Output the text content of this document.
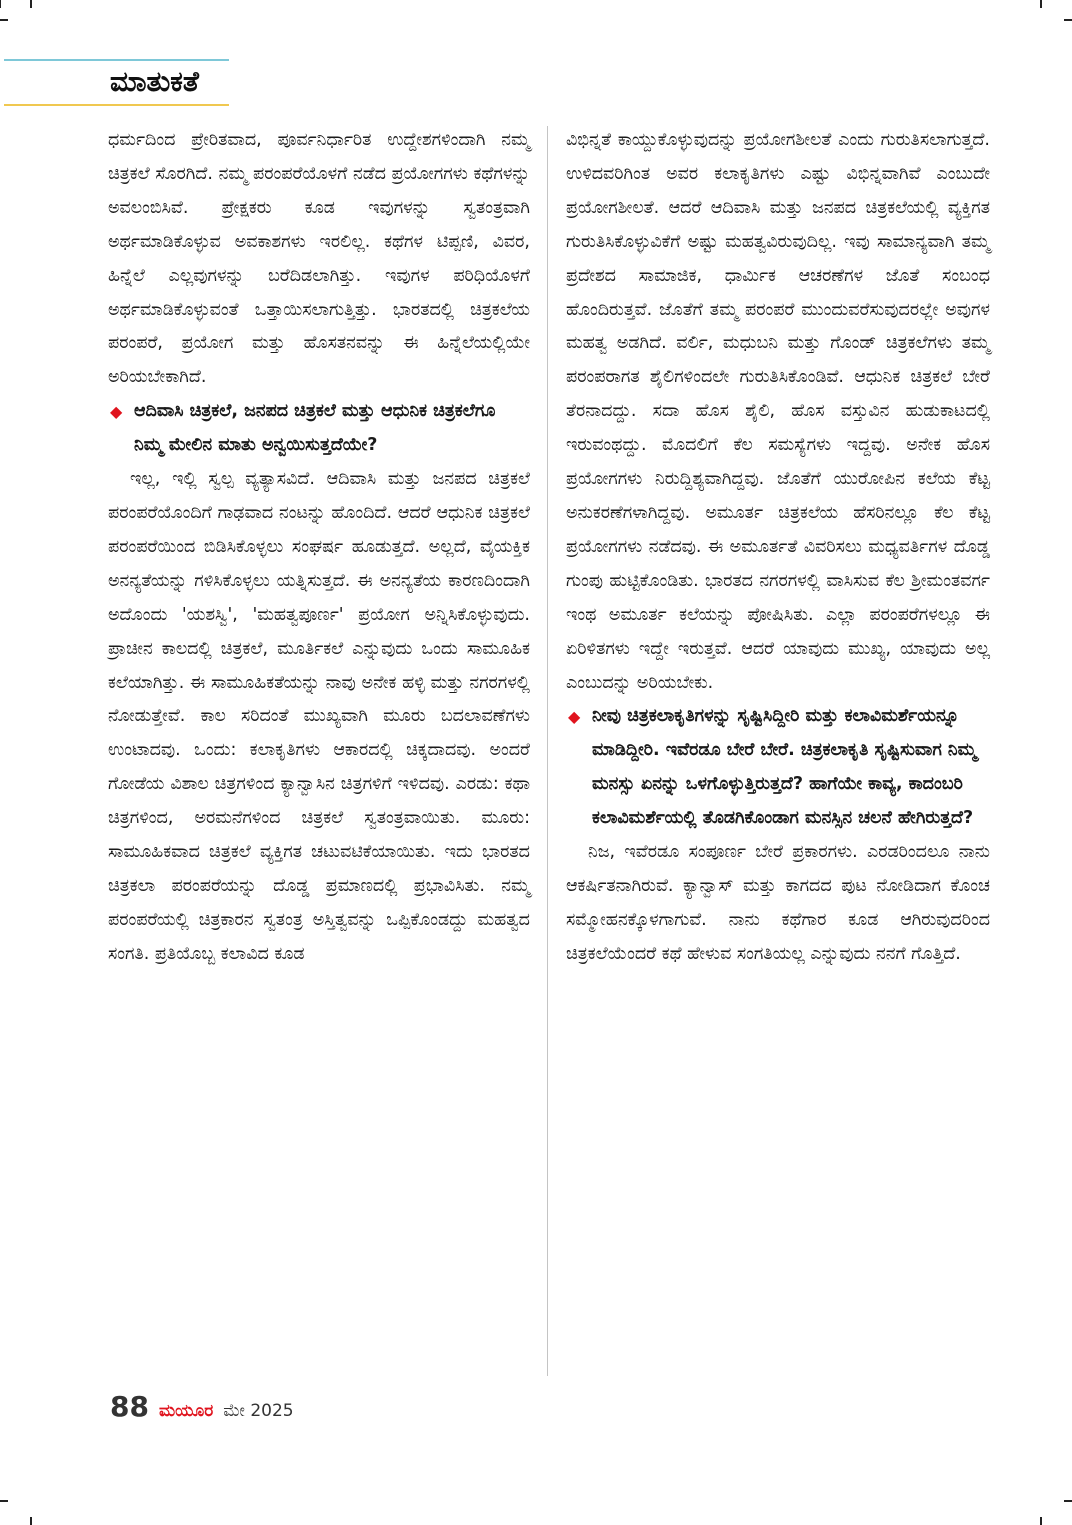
ಮಾತುಕತೆ

ಧರ್ಮದಿಂದ ಪ್ರೇರಿತವಾದ, ಪೂರ್ವನಿರ್ಧಾರಿತ ಉದ್ದೇಶಗಳಿಂದಾಗಿ ನಮ್ಮ ಚಿತ್ರಕಲೆ ಸೊರಗಿದೆ. ನಮ್ಮ ಪರಂಪರೆಯೊಳಗೆ ನಡೆದ ಪ್ರಯೋಗಗಳು ಕಥೆಗಳನ್ನು ಅವಲಂಬಿಸಿವೆ. ಪ್ರೇಕ್ಷಕರು ಕೂಡ ಇವುಗಳನ್ನು ಸ್ವತಂತ್ರವಾಗಿ ಅರ್ಥಮಾಡಿಕೊಳ್ಳುವ ಅವಕಾಶಗಳು ಇರಲಿಲ್ಲ. ಕಥೆಗಳ ಟಿಪ್ಪಣಿ, ವಿವರ, ಹಿನ್ನೆಲೆ ಎಲ್ಲವುಗಳನ್ನು ಬರೆದಿಡಲಾಗಿತ್ತು. ಇವುಗಳ ಪರಿಧಿಯೊಳಗೆ ಅರ್ಥಮಾಡಿಕೊಳ್ಳುವಂತೆ ಒತ್ತಾಯಿಸಲಾಗುತ್ತಿತ್ತು. ಭಾರತದಲ್ಲಿ ಚಿತ್ರಕಲೆಯ ಪರಂಪರೆ, ಪ್ರಯೋಗ ಮತ್ತು ಹೊಸತನವನ್ನು ಈ ಹಿನ್ನೆಲೆಯಲ್ಲಿಯೇ ಅರಿಯಬೇಕಾಗಿದೆ.

◆ ಆದಿವಾಸಿ ಚಿತ್ರಕಲೆ, ಜನಪದ ಚಿತ್ರಕಲೆ ಮತ್ತು ಆಧುನಿಕ ಚಿತ್ರಕಲೆಗೂ ನಿಮ್ಮ ಮೇಲಿನ ಮಾತು ಅನ್ವಯಿಸುತ್ತದೆಯೇ?

ಇಲ್ಲ, ಇಲ್ಲಿ ಸ್ವಲ್ಪ ವ್ಯತ್ಯಾಸವಿದೆ. ಆದಿವಾಸಿ ಮತ್ತು ಜನಪದ ಚಿತ್ರಕಲೆ ಪರಂಪರೆಯೊಂದಿಗೆ ಗಾಢವಾದ ನಂಟನ್ನು ಹೊಂದಿದೆ. ಆದರೆ ಆಧುನಿಕ ಚಿತ್ರಕಲೆ ಪರಂಪರೆಯಿಂದ ಬಿಡಿಸಿಕೊಳ್ಳಲು ಸಂಘರ್ಷ ಹೂಡುತ್ತದೆ. ಅಲ್ಲದೆ, ವೈಯಕ್ತಿಕ ಅನನ್ಯತೆಯನ್ನು ಗಳಿಸಿಕೊಳ್ಳಲು ಯತ್ನಿಸುತ್ತದೆ. ಈ ಅನನ್ಯತೆಯ ಕಾರಣದಿಂದಾಗಿ ಅದೊಂದು 'ಯಶಸ್ವಿ', 'ಮಹತ್ವಪೂರ್ಣ' ಪ್ರಯೋಗ ಅನ್ನಿಸಿಕೊಳ್ಳುವುದು. ಪ್ರಾಚೀನ ಕಾಲದಲ್ಲಿ ಚಿತ್ರಕಲೆ, ಮೂರ್ತಿಕಲೆ ಎನ್ನುವುದು ಒಂದು ಸಾಮೂಹಿಕ ಕಲೆಯಾಗಿತ್ತು. ಈ ಸಾಮೂಹಿಕತೆಯನ್ನು ನಾವು ಅನೇಕ ಹಳ್ಳಿ ಮತ್ತು ನಗರಗಳಲ್ಲಿ ನೋಡುತ್ತೇವೆ. ಕಾಲ ಸರಿದಂತೆ ಮುಖ್ಯವಾಗಿ ಮೂರು ಬದಲಾವಣೆಗಳು ಉಂಟಾದವು. ಒಂದು: ಕಲಾಕೃತಿಗಳು ಆಕಾರದಲ್ಲಿ ಚಿಕ್ಕದಾದವು. ಅಂದರೆ ಗೋಡೆಯ ವಿಶಾಲ ಚಿತ್ರಗಳಿಂದ ಕ್ಯಾನ್ವಾಸಿನ ಚಿತ್ರಗಳಿಗೆ ಇಳಿದವು. ಎರಡು: ಕಥಾ ಚಿತ್ರಗಳಿಂದ, ಅರಮನೆಗಳಿಂದ ಚಿತ್ರಕಲೆ ಸ್ವತಂತ್ರವಾಯಿತು. ಮೂರು: ಸಾಮೂಹಿಕವಾದ ಚಿತ್ರಕಲೆ ವ್ಯಕ್ತಿಗತ ಚಟುವಟಿಕೆಯಾಯಿತು. ಇದು ಭಾರತದ ಚಿತ್ರಕಲಾ ಪರಂಪರೆಯನ್ನು ದೊಡ್ಡ ಪ್ರಮಾಣದಲ್ಲಿ ಪ್ರಭಾವಿಸಿತು. ನಮ್ಮ ಪರಂಪರೆಯಲ್ಲಿ ಚಿತ್ರಕಾರನ ಸ್ವತಂತ್ರ ಅಸ್ತಿತ್ವವನ್ನು ಒಪ್ಪಿಕೊಂಡದ್ದು ಮಹತ್ವದ ಸಂಗತಿ. ಪ್ರತಿಯೊಬ್ಬ ಕಲಾವಿದ ಕೂಡ

ವಿಭಿನ್ನತೆ ಕಾಯ್ದುಕೊಳ್ಳುವುದನ್ನು ಪ್ರಯೋಗಶೀಲತೆ ಎಂದು ಗುರುತಿಸಲಾಗುತ್ತದೆ. ಉಳಿದವರಿಗಿಂತ ಅವರ ಕಲಾಕೃತಿಗಳು ಎಷ್ಟು ವಿಭಿನ್ನವಾಗಿವೆ ಎಂಬುದೇ ಪ್ರಯೋಗಶೀಲತೆ. ಆದರೆ ಆದಿವಾಸಿ ಮತ್ತು ಜನಪದ ಚಿತ್ರಕಲೆಯಲ್ಲಿ ವ್ಯಕ್ತಿಗತ ಗುರುತಿಸಿಕೊಳ್ಳುವಿಕೆಗೆ ಅಷ್ಟು ಮಹತ್ವವಿರುವುದಿಲ್ಲ. ಇವು ಸಾಮಾನ್ಯವಾಗಿ ತಮ್ಮ ಪ್ರದೇಶದ ಸಾಮಾಜಿಕ, ಧಾರ್ಮಿಕ ಆಚರಣೆಗಳ ಜೊತೆ ಸಂಬಂಧ ಹೊಂದಿರುತ್ತವೆ. ಜೊತೆಗೆ ತಮ್ಮ ಪರಂಪರೆ ಮುಂದುವರೆಸುವುದರಲ್ಲೇ ಅವುಗಳ ಮಹತ್ವ ಅಡಗಿದೆ. ವರ್ಲಿ, ಮಧುಬನಿ ಮತ್ತು ಗೊಂಡ್ ಚಿತ್ರಕಲೆಗಳು ತಮ್ಮ ಪರಂಪರಾಗತ ಶೈಲಿಗಳಿಂದಲೇ ಗುರುತಿಸಿಕೊಂಡಿವೆ. ಆಧುನಿಕ ಚಿತ್ರಕಲೆ ಬೇರೆ ತೆರನಾದದ್ದು. ಸದಾ ಹೊಸ ಶೈಲಿ, ಹೊಸ ವಸ್ತುವಿನ ಹುಡುಕಾಟದಲ್ಲಿ ಇರುವಂಥದ್ದು. ಮೊದಲಿಗೆ ಕೆಲ ಸಮಸ್ಯೆಗಳು ಇದ್ದವು. ಅನೇಕ ಹೊಸ ಪ್ರಯೋಗಗಳು ನಿರುದ್ದಿಶ್ಯವಾಗಿದ್ದವು. ಜೊತೆಗೆ ಯುರೋಪಿನ ಕಲೆಯ ಕೆಟ್ಟ ಅನುಕರಣೆಗಳಾಗಿದ್ದವು. ಅಮೂರ್ತ ಚಿತ್ರಕಲೆಯ ಹೆಸರಿನಲ್ಲೂ ಕೆಲ ಕೆಟ್ಟ ಪ್ರಯೋಗಗಳು ನಡೆದವು. ಈ ಅಮೂರ್ತತೆ ವಿವರಿಸಲು ಮಧ್ಯವರ್ತಿಗಳ ದೊಡ್ಡ ಗುಂಪು ಹುಟ್ಟಿಕೊಂಡಿತು. ಭಾರತದ ನಗರಗಳಲ್ಲಿ ವಾಸಿಸುವ ಕೆಲ ಶ್ರೀಮಂತವರ್ಗ ಇಂಥ ಅಮೂರ್ತ ಕಲೆಯನ್ನು ಪೋಷಿಸಿತು. ಎಲ್ಲಾ ಪರಂಪರೆಗಳಲ್ಲೂ ಈ ಏರಿಳಿತಗಳು ಇದ್ದೇ ಇರುತ್ತವೆ. ಆದರೆ ಯಾವುದು ಮುಖ್ಯ, ಯಾವುದು ಅಲ್ಲ ಎಂಬುದನ್ನು ಅರಿಯಬೇಕು.

◆ ನೀವು ಚಿತ್ರಕಲಾಕೃತಿಗಳನ್ನು ಸೃಷ್ಟಿಸಿದ್ದೀರಿ ಮತ್ತು ಕಲಾವಿಮರ್ಶೆಯನ್ನೂ ಮಾಡಿದ್ದೀರಿ. ಇವೆರಡೂ ಬೇರೆ ಬೇರೆ. ಚಿತ್ರಕಲಾಕೃತಿ ಸೃಷ್ಟಿಸುವಾಗ ನಿಮ್ಮ ಮನಸ್ಸು ಏನನ್ನು ಒಳಗೊಳ್ಳುತ್ತಿರುತ್ತದೆ? ಹಾಗೆಯೇ ಕಾವ್ಯ, ಕಾದಂಬರಿ ಕಲಾವಿಮರ್ಶೆಯಲ್ಲಿ ತೊಡಗಿಕೊಂಡಾಗ ಮನಸ್ಸಿನ ಚಲನೆ ಹೇಗಿರುತ್ತದೆ?

ನಿಜ, ಇವೆರಡೂ ಸಂಪೂರ್ಣ ಬೇರೆ ಪ್ರಕಾರಗಳು. ಎರಡರಿಂದಲೂ ನಾನು ಆಕರ್ಷಿತನಾಗಿರುವೆ. ಕ್ಯಾನ್ವಾಸ್ ಮತ್ತು ಕಾಗದದ ಪುಟ ನೋಡಿದಾಗ ಕೊಂಚ ಸಮ್ಮೋಹನಕ್ಕೊಳಗಾಗುವೆ. ನಾನು ಕಥೆಗಾರ ಕೂಡ ಆಗಿರುವುದರಿಂದ ಚಿತ್ರಕಲೆಯೆಂದರೆ ಕಥೆ ಹೇಳುವ ಸಂಗತಿಯಲ್ಲ ಎನ್ನುವುದು ನನಗೆ ಗೊತ್ತಿದೆ.

88 ಮಯೂರ ಮೇ 2025
